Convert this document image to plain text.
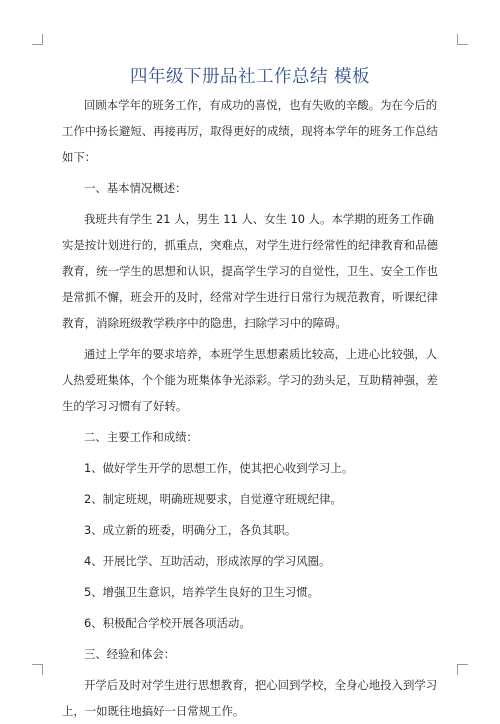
四年级下册品社工作总结 模板

回顾本学年的班务工作，有成功的喜悦，也有失败的辛酸。为在今后的工作中扬长避短、再接再厉，取得更好的成绩，现将本学年的班务工作总结如下：

一、基本情况概述：

我班共有学生 21 人，男生 11 人、女生 10 人。本学期的班务工作确实是按计划进行的，抓重点，突难点，对学生进行经常性的纪律教育和品德教育，统一学生的思想和认识，提高学生学习的自觉性，卫生、安全工作也是常抓不懈，班会开的及时，经常对学生进行日常行为规范教育，听课纪律教育，消除班级教学秩序中的隐患，扫除学习中的障碍。

通过上学年的要求培养，本班学生思想素质比较高，上进心比较强，人人热爱班集体，个个能为班集体争光添彩。学习的劲头足，互助精神强，差生的学习习惯有了好转。

二、主要工作和成绩：

1、做好学生开学的思想工作，使其把心收到学习上。

2、制定班规，明确班规要求，自觉遵守班规纪律。

3、成立新的班委，明确分工，各负其职。

4、开展比学、互助活动，形成浓厚的学习风圈。

5、增强卫生意识，培养学生良好的卫生习惯。

6、积极配合学校开展各项活动。

三、经验和体会：

开学后及时对学生进行思想教育，把心回到学校，全身心地投入到学习上，一如既往地搞好一日常规工作。
